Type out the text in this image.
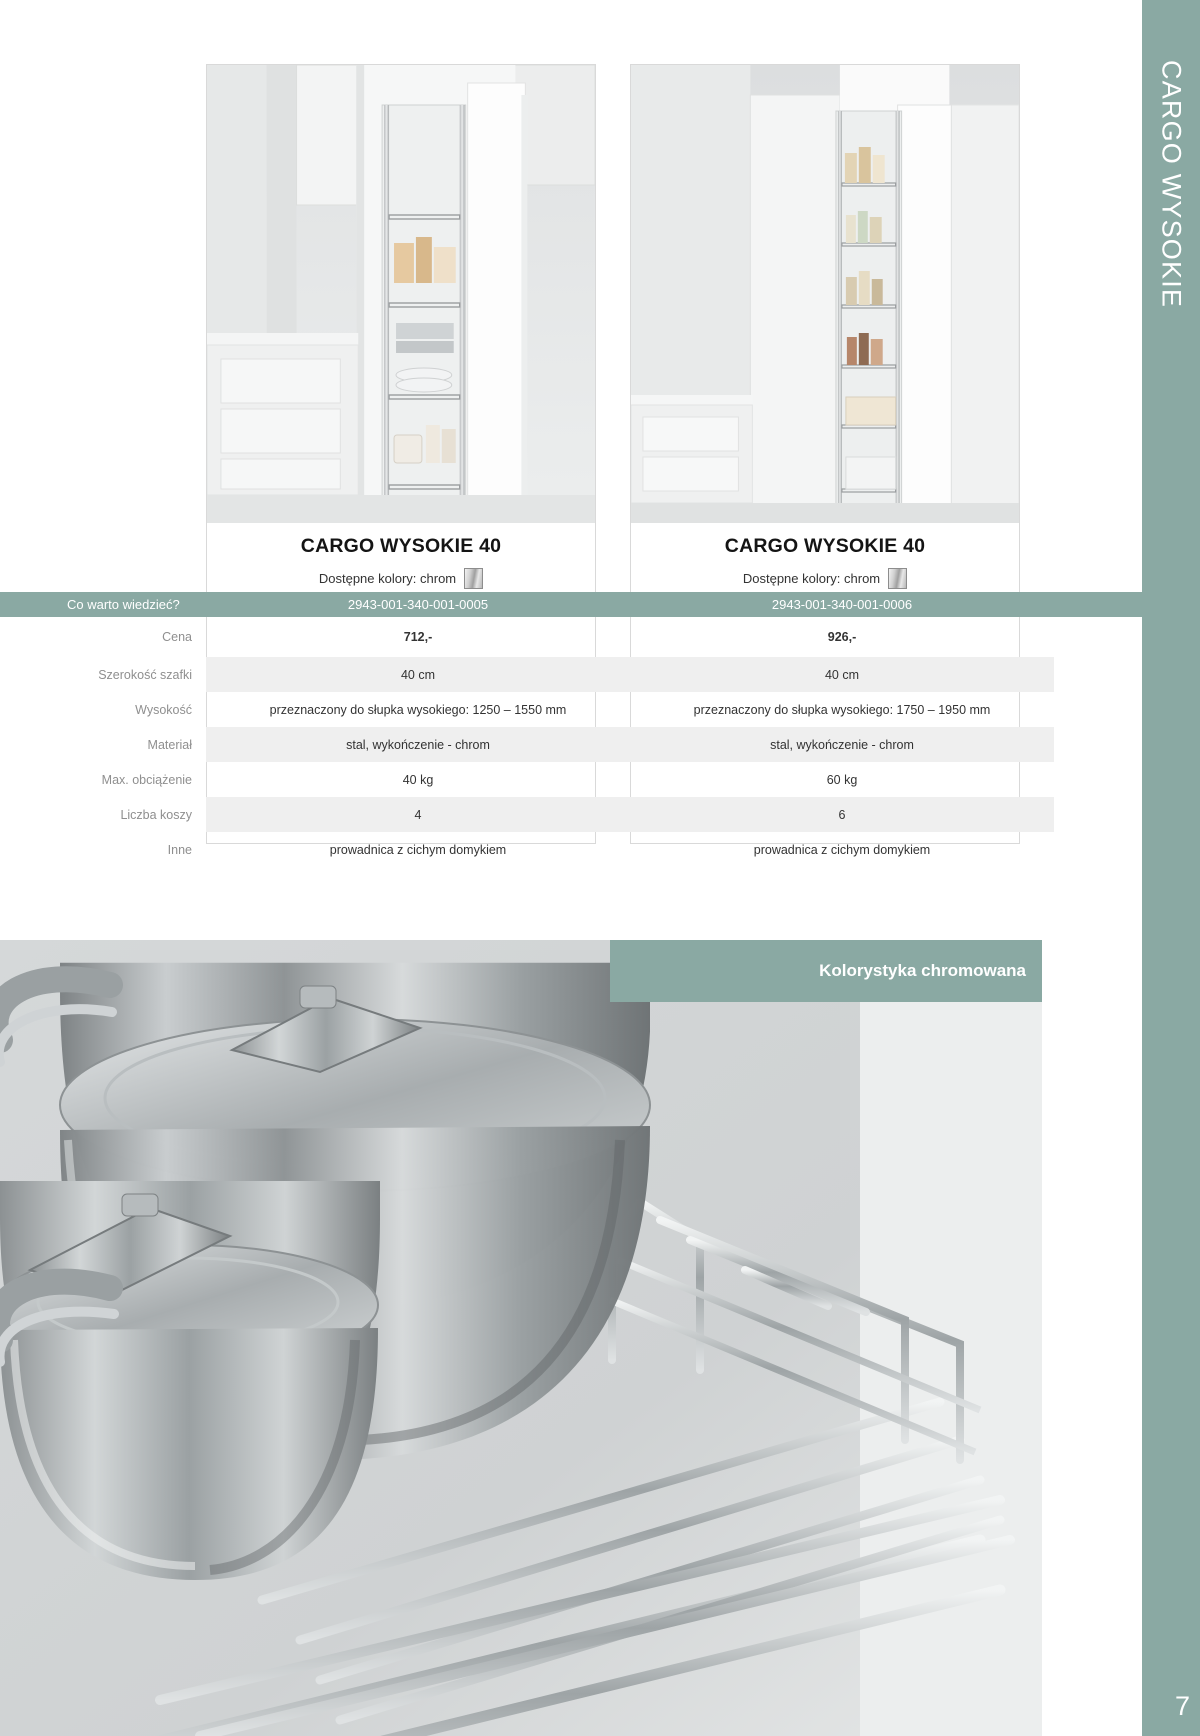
CARGO WYSOKIE
CARGO WYSOKIE 40
Dostępne kolory: chrom
CARGO WYSOKIE 40
Dostępne kolory: chrom
Co warto wiedzieć?	2943-001-340-001-0005	2943-001-340-001-0006
Cena	712,-	926,-
Szerokość szafki	40 cm	40 cm
Wysokość	przeznaczony do słupka wysokiego: 1250 – 1550 mm	przeznaczony do słupka wysokiego: 1750 – 1950 mm
Materiał	stal, wykończenie - chrom	stal, wykończenie - chrom
Max. obciążenie	40 kg	60 kg
Liczba koszy	4	6
Inne	prowadnica z cichym domykiem	prowadnica z cichym domykiem
Kolorystyka chromowana
7
